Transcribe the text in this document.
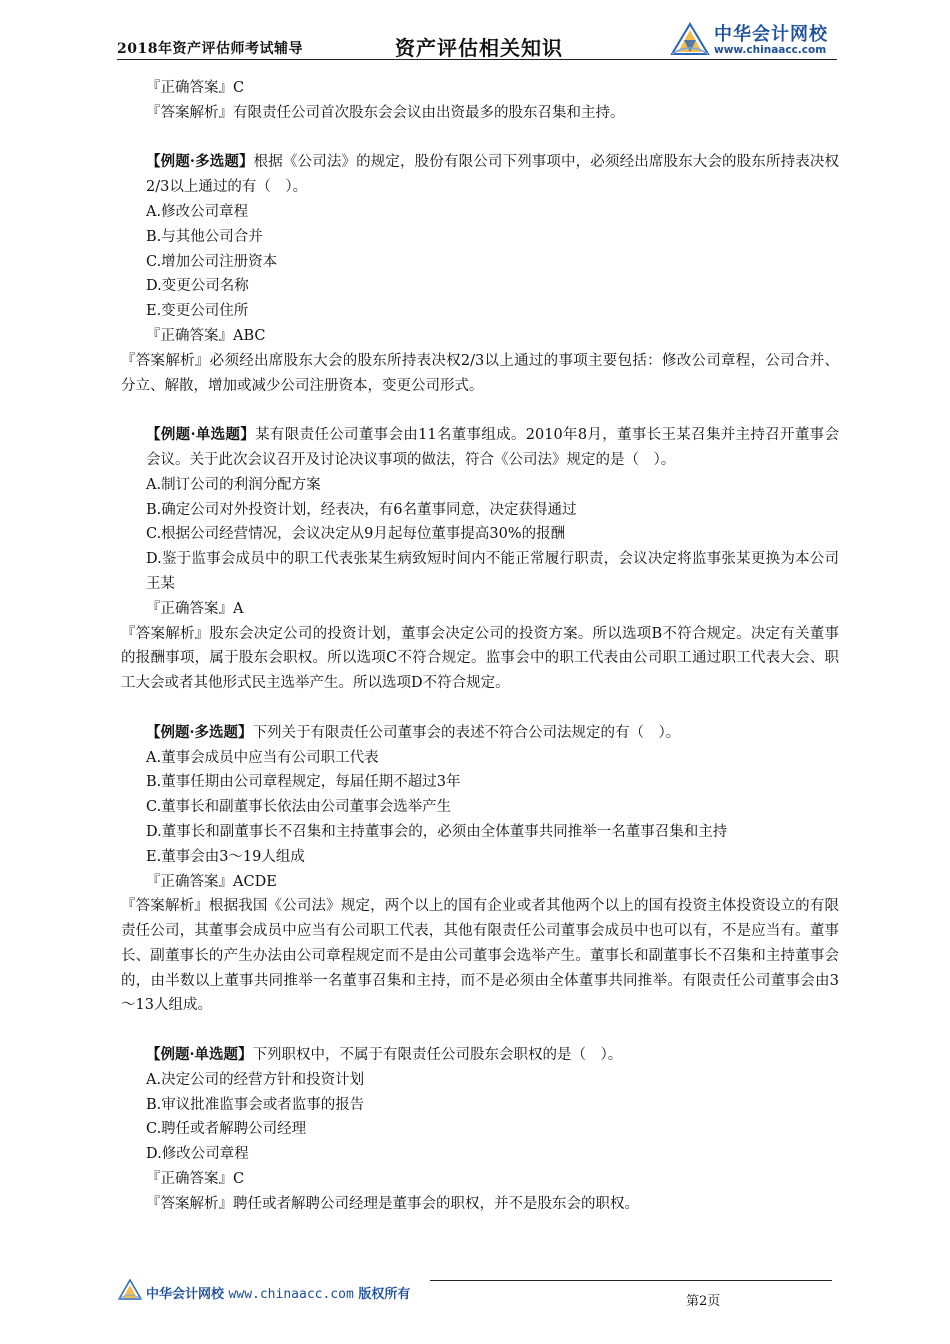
2018年资产评估师考试辅导	资产评估相关知识
中华会计网校
www.chinaacc.com
『正确答案』C
『答案解析』有限责任公司首次股东会会议由出资最多的股东召集和主持。
【例题·多选题】根据《公司法》的规定，股份有限公司下列事项中，必须经出席股东大会的股东所持表决权2/3以上通过的有（　）。
A.修改公司章程
B.与其他公司合并
C.增加公司注册资本
D.变更公司名称
E.变更公司住所
『正确答案』ABC
『答案解析』必须经出席股东大会的股东所持表决权2/3以上通过的事项主要包括：修改公司章程，公司合并、分立、解散，增加或减少公司注册资本，变更公司形式。
【例题·单选题】某有限责任公司董事会由11名董事组成。2010年8月，董事长王某召集并主持召开董事会会议。关于此次会议召开及讨论决议事项的做法，符合《公司法》规定的是（　）。
A.制订公司的利润分配方案
B.确定公司对外投资计划，经表决，有6名董事同意，决定获得通过
C.根据公司经营情况，会议决定从9月起每位董事提高30%的报酬
D.鉴于监事会成员中的职工代表张某生病致短时间内不能正常履行职责，会议决定将监事张某更换为本公司王某
『正确答案』A
『答案解析』股东会决定公司的投资计划，董事会决定公司的投资方案。所以选项B不符合规定。决定有关董事的报酬事项，属于股东会职权。所以选项C不符合规定。监事会中的职工代表由公司职工通过职工代表大会、职工大会或者其他形式民主选举产生。所以选项D不符合规定。
【例题·多选题】下列关于有限责任公司董事会的表述不符合公司法规定的有（　）。
A.董事会成员中应当有公司职工代表
B.董事任期由公司章程规定，每届任期不超过3年
C.董事长和副董事长依法由公司董事会选举产生
D.董事长和副董事长不召集和主持董事会的，必须由全体董事共同推举一名董事召集和主持
E.董事会由3～19人组成
『正确答案』ACDE
『答案解析』根据我国《公司法》规定，两个以上的国有企业或者其他两个以上的国有投资主体投资设立的有限责任公司，其董事会成员中应当有公司职工代表，其他有限责任公司董事会成员中也可以有，不是应当有。董事长、副董事长的产生办法由公司章程规定而不是由公司董事会选举产生。董事长和副董事长不召集和主持董事会的，由半数以上董事共同推举一名董事召集和主持，而不是必须由全体董事共同推举。有限责任公司董事会由3～13人组成。
【例题·单选题】下列职权中，不属于有限责任公司股东会职权的是（　）。
A.决定公司的经营方针和投资计划
B.审议批准监事会或者监事的报告
C.聘任或者解聘公司经理
D.修改公司章程
『正确答案』C
『答案解析』聘任或者解聘公司经理是董事会的职权，并不是股东会的职权。
中华会计网校 www.chinaacc.com 版权所有	第2页
